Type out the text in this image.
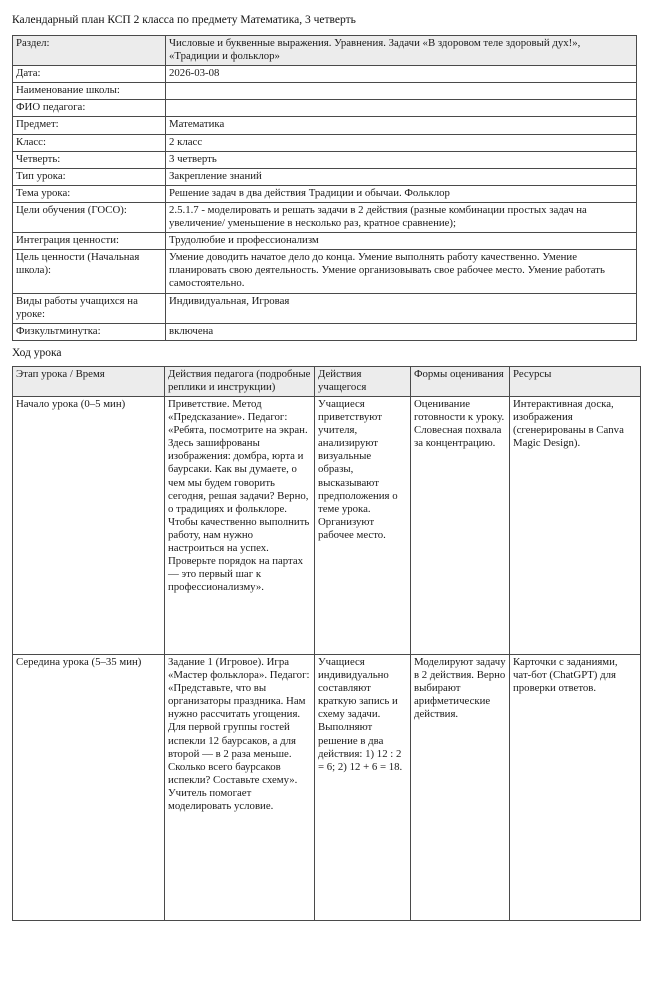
Календарный план КСП 2 класса по предмету Математика, 3 четверть
Раздел:	Числовые и буквенные выражения. Уравнения. Задачи «В здоровом теле здоровый дух!», «Традиции и фольклор»
Дата:	2026-03-08
Наименование школы:	
ФИО педагога:	
Предмет:	Математика
Класс:	2 класс
Четверть:	3 четверть
Тип урока:	Закрепление знаний
Тема урока:	Решение задач в два действия Традиции и обычаи. Фольклор
Цели обучения (ГОСО):	2.5.1.7 - моделировать и решать задачи в 2 действия (разные комбинации простых задач на увеличение/ уменьшение в несколько раз, кратное сравнение);
Интеграция ценности:	Трудолюбие и профессионализм
Цель ценности (Начальная школа):	Умение доводить начатое дело до конца. Умение выполнять работу качественно. Умение планировать свою деятельность. Умение организовывать свое рабочее место. Умение работать самостоятельно.
Виды работы учащихся на уроке:	Индивидуальная, Игровая
Физкультминутка:	включена
Ход урока
Этап урока / Время	Действия педагога (подробные реплики и инструкции)	Действия учащегося	Формы оценивания	Ресурсы
Начало урока (0–5 мин)	Приветствие. Метод «Предсказание». Педагог: «Ребята, посмотрите на экран. Здесь зашифрованы изображения: домбра, юрта и баурсаки. Как вы думаете, о чем мы будем говорить сегодня, решая задачи? Верно, о традициях и фольклоре. Чтобы качественно выполнить работу, нам нужно настроиться на успех. Проверьте порядок на партах — это первый шаг к профессионализму».	Учащиеся приветствуют учителя, анализируют визуальные образы, высказывают предположения о теме урока. Организуют рабочее место.	Оценивание готовности к уроку. Словесная похвала за концентрацию.	Интерактивная доска, изображения (сгенерированы в Canva Magic Design).
Середина урока (5–35 мин)	Задание 1 (Игровое). Игра «Мастер фольклора». Педагог: «Представьте, что вы организаторы праздника. Нам нужно рассчитать угощения. Для первой группы гостей испекли 12 баурсаков, а для второй — в 2 раза меньше. Сколько всего баурсаков испекли? Составьте схему». Учитель помогает моделировать условие.	Учащиеся индивидуально составляют краткую запись и схему задачи. Выполняют решение в два действия: 1) 12 : 2 = 6; 2) 12 + 6 = 18.	Моделируют задачу в 2 действия. Верно выбирают арифметические действия.	Карточки с заданиями, чат-бот (ChatGPT) для проверки ответов.
